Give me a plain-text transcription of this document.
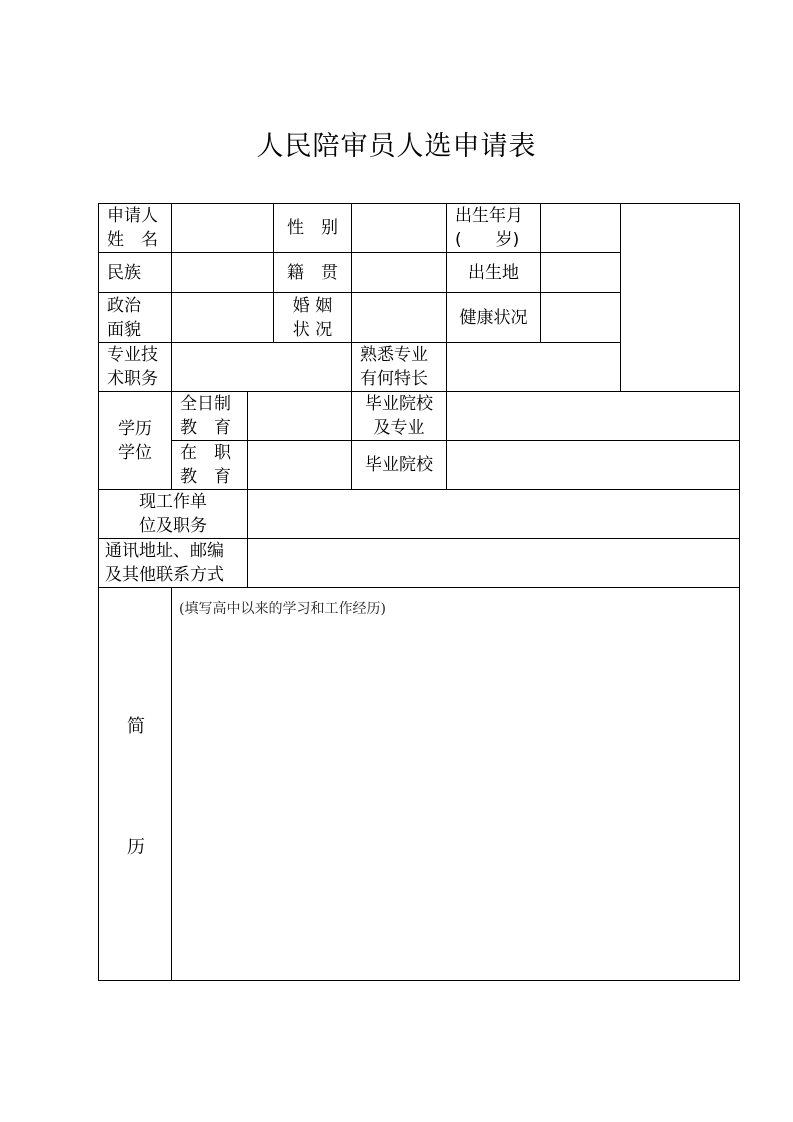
人民陪审员人选申请表
申请人
姓　名
性　别
出生年月
(　　岁)
民族	籍　贯	出生地
政治
面貌
婚 姻
状 况
健康状况
专业技
术职务
熟悉专业
有何特长
学历
学位
全日制
教　育
毕业院校
及专业
在　职
教　育
毕业院校
现工作单
位及职务
通讯地址、邮编
及其他联系方式
简
历
(填写高中以来的学习和工作经历)
